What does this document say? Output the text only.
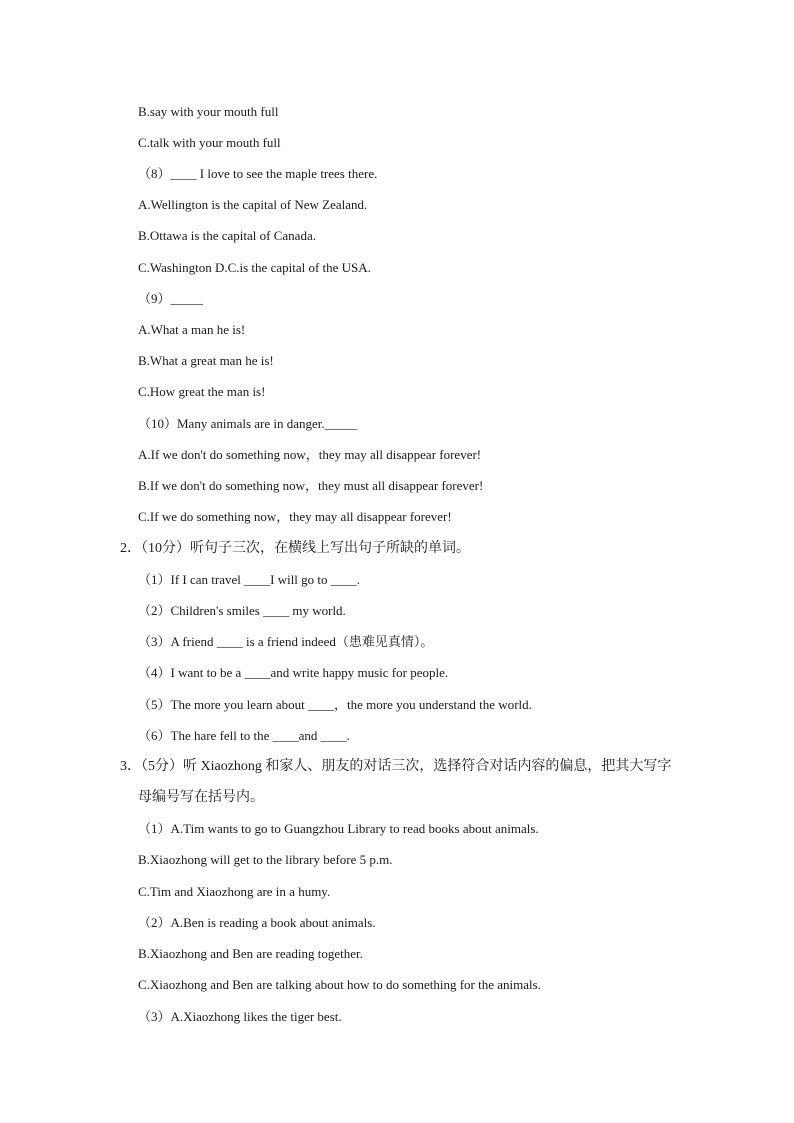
B.say with your mouth full
C.talk with your mouth full
（8）____ I love to see the maple trees there.
A.Wellington is the capital of New Zealand.
B.Ottawa is the capital of Canada.
C.Washington D.C.is the capital of the USA.
（9）_____
A.What a man he is!
B.What a great man he is!
C.How great the man is!
（10）Many animals are in danger._____
A.If we don't do something now，they may all disappear forever!
B.If we don't do something now，they must all disappear forever!
C.If we do something now，they may all disappear forever!
2．（10分）听句子三次，在横线上写出句子所缺的单词。
（1）If I can travel ____I will go to ____.
（2）Children's smiles ____ my world.
（3）A friend ____ is a friend indeed（患难见真情）。
（4）I want to be a ____and write happy music for people.
（5）The more you learn about ____，the more you understand the world.
（6）The hare fell to the ____and ____.
3．（5分）听 Xiaozhong 和家人、朋友的对话三次，选择符合对话内容的偏息，把其大写字
母编号写在括号内。
（1）A.Tim wants to go to Guangzhou Library to read books about animals.
B.Xiaozhong will get to the library before 5 p.m.
C.Tim and Xiaozhong are in a humy.
（2）A.Ben is reading a book about animals.
B.Xiaozhong and Ben are reading together.
C.Xiaozhong and Ben are talking about how to do something for the animals.
（3）A.Xiaozhong likes the tiger best.
